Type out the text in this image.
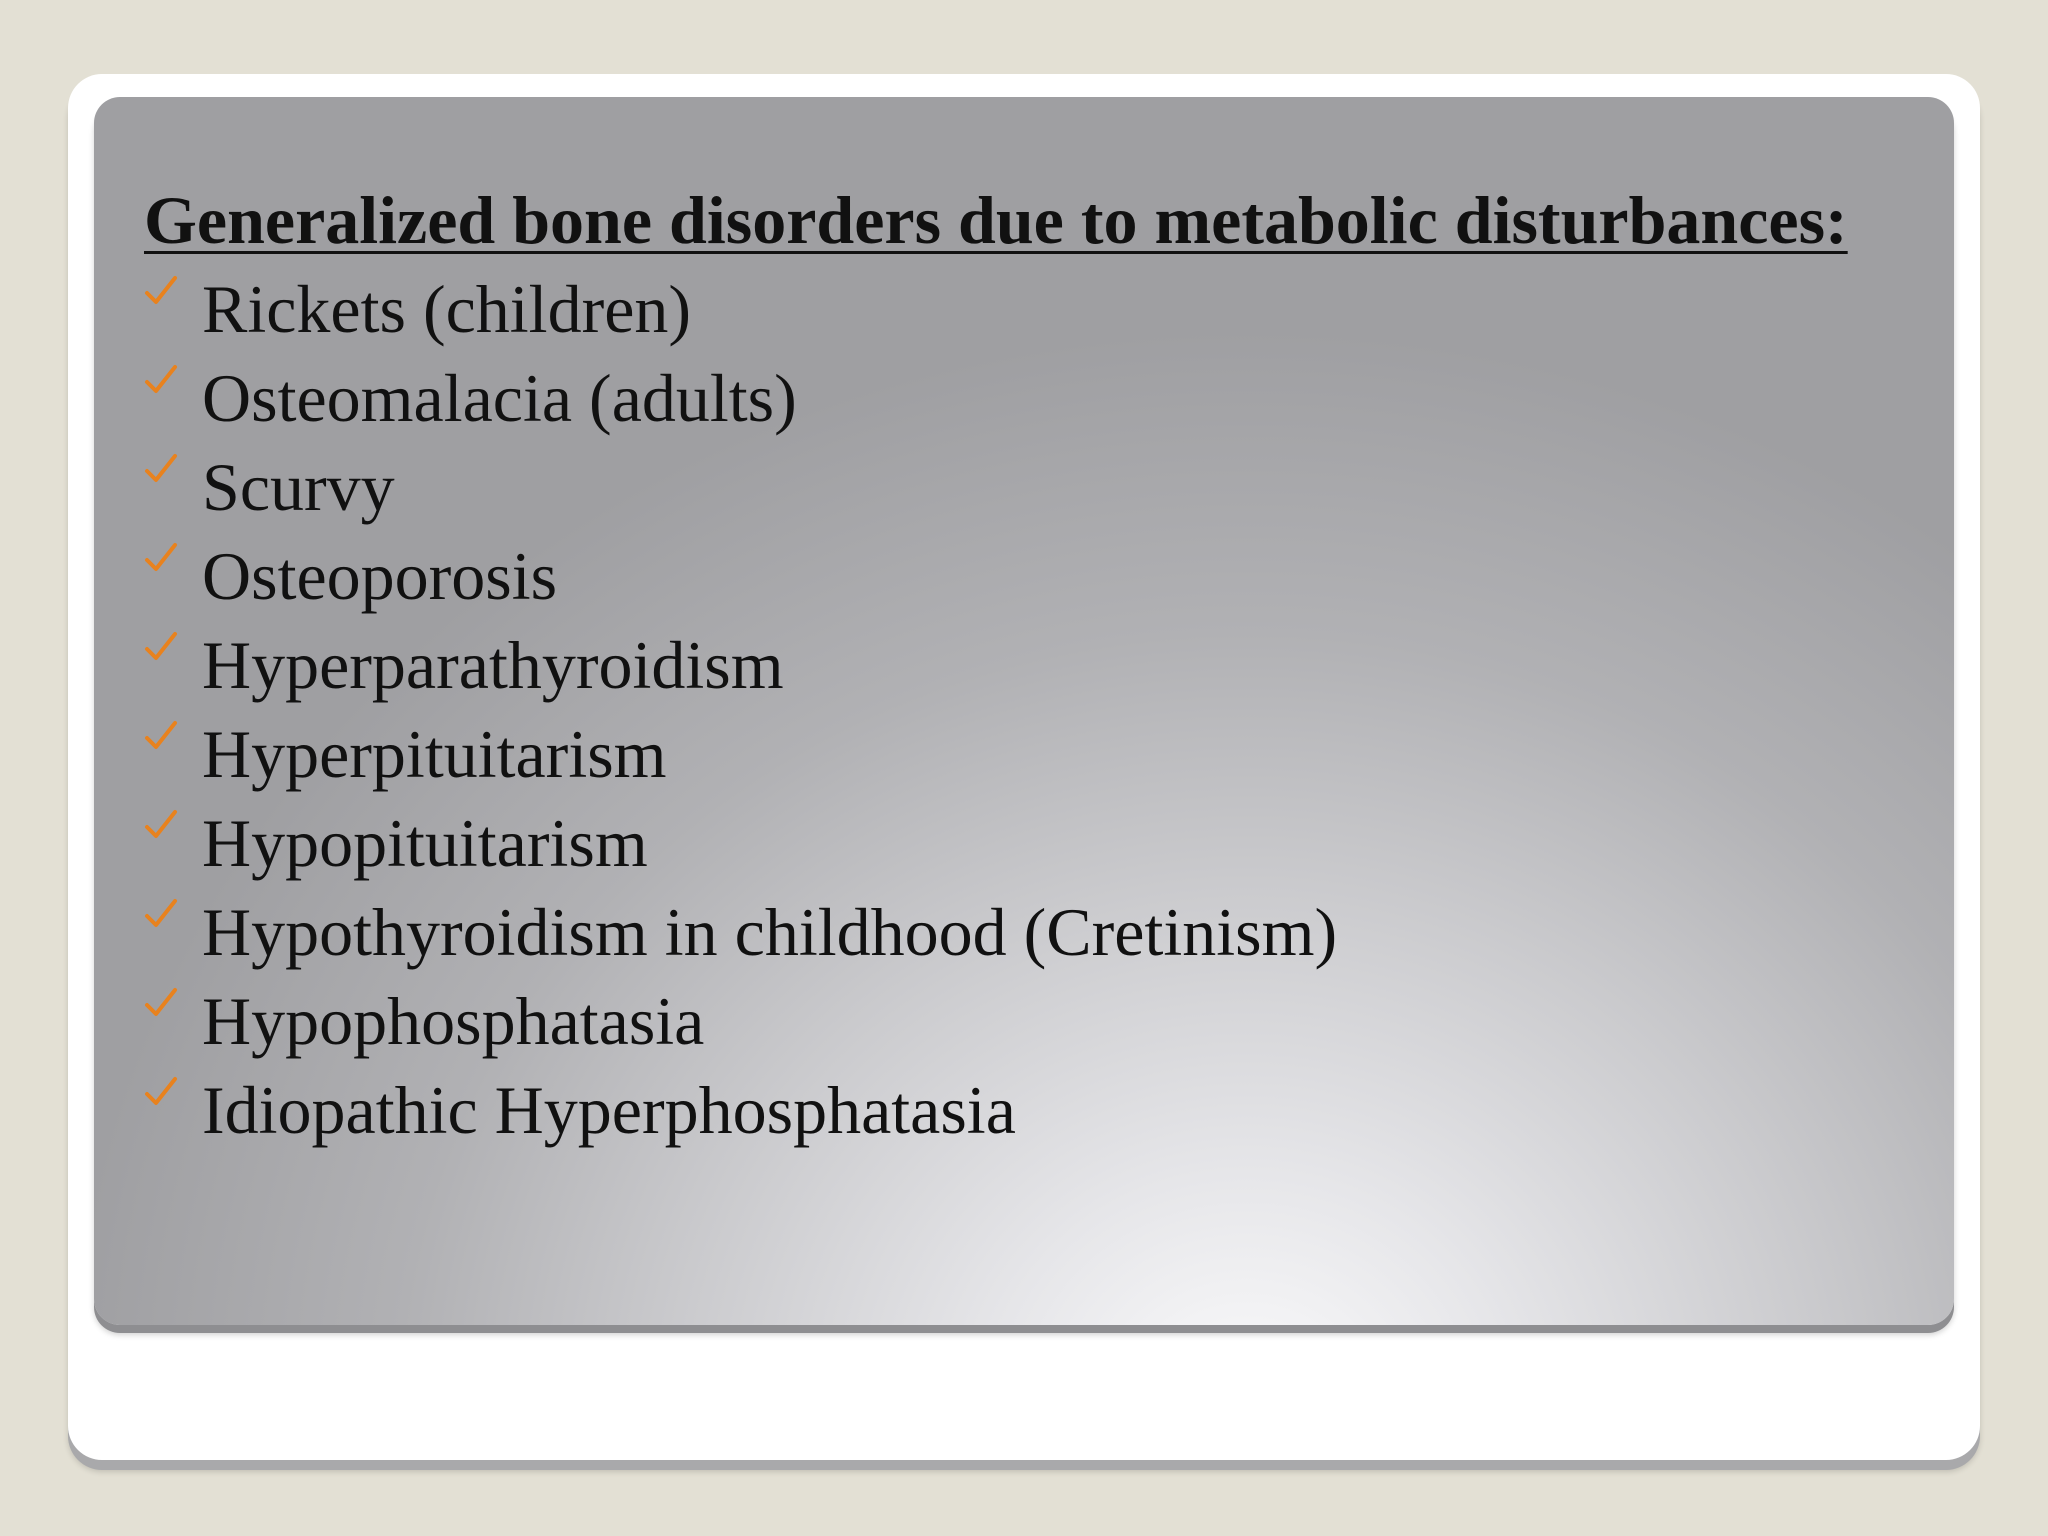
Generalized bone disorders due to metabolic disturbances:
Rickets (children)
Osteomalacia (adults)
Scurvy
Osteoporosis
Hyperparathyroidism
Hyperpituitarism
Hypopituitarism
Hypothyroidism in childhood (Cretinism)
Hypophosphatasia
Idiopathic Hyperphosphatasia
